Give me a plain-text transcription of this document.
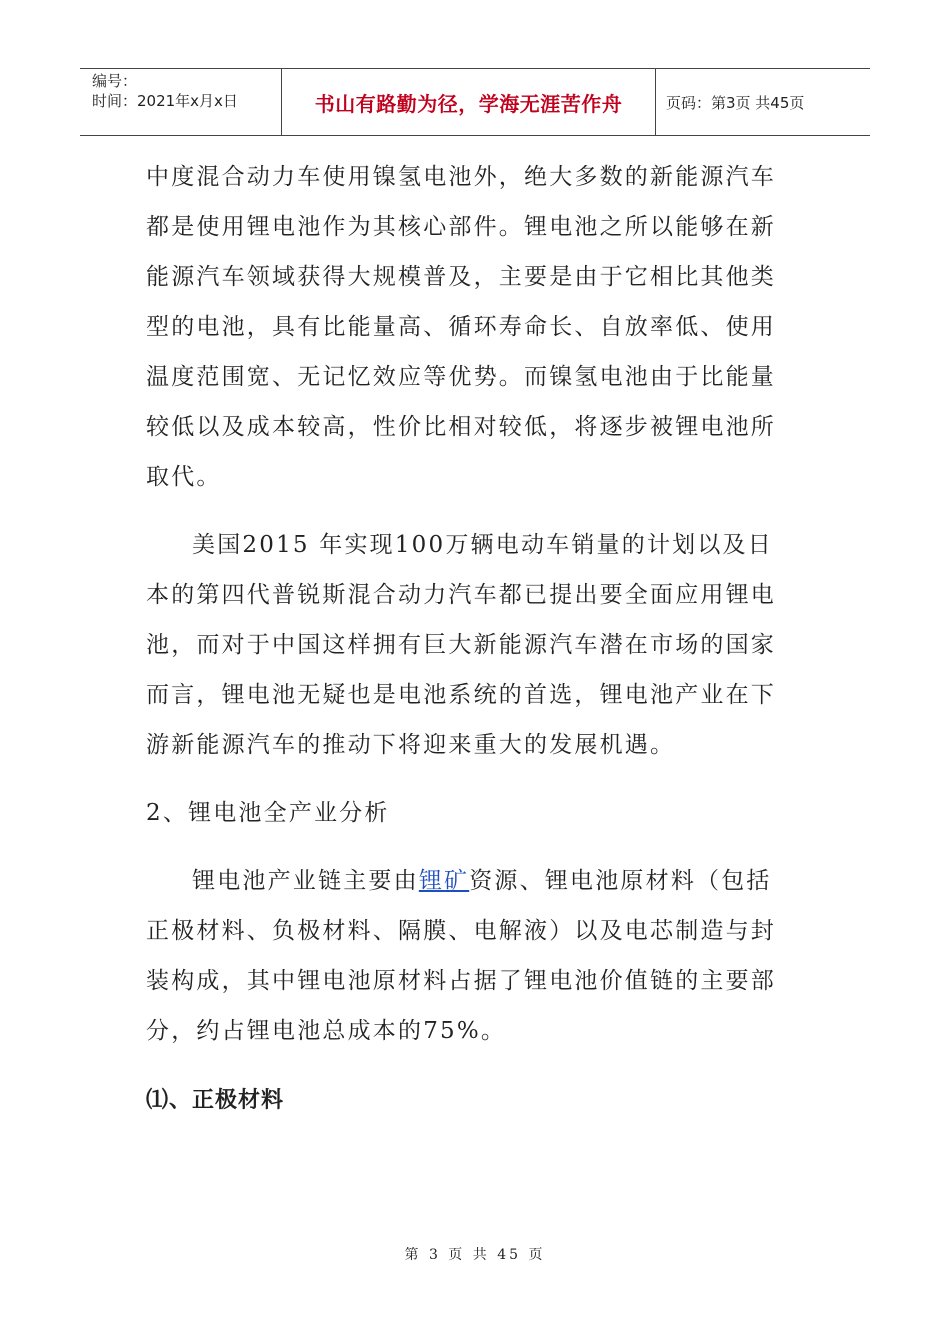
编号：
时间：2021年x月x日	书山有路勤为径，学海无涯苦作舟	页码：第3页 共45页

中度混合动力车使用镍氢电池外，绝大多数的新能源汽车都是使用锂电池作为其核心部件。锂电池之所以能够在新能源汽车领域获得大规模普及，主要是由于它相比其他类型的电池，具有比能量高、循环寿命长、自放率低、使用温度范围宽、无记忆效应等优势。而镍氢电池由于比能量较低以及成本较高，性价比相对较低，将逐步被锂电池所取代。

美国2015 年实现100万辆电动车销量的计划以及日本的第四代普锐斯混合动力汽车都已提出要全面应用锂电池，而对于中国这样拥有巨大新能源汽车潜在市场的国家而言，锂电池无疑也是电池系统的首选，锂电池产业在下游新能源汽车的推动下将迎来重大的发展机遇。

2、锂电池全产业分析

锂电池产业链主要由锂矿资源、锂电池原材料（包括正极材料、负极材料、隔膜、电解液）以及电芯制造与封装构成，其中锂电池原材料占据了锂电池价值链的主要部分，约占锂电池总成本的75%。

⑴、正极材料
第 3 页 共 45 页
